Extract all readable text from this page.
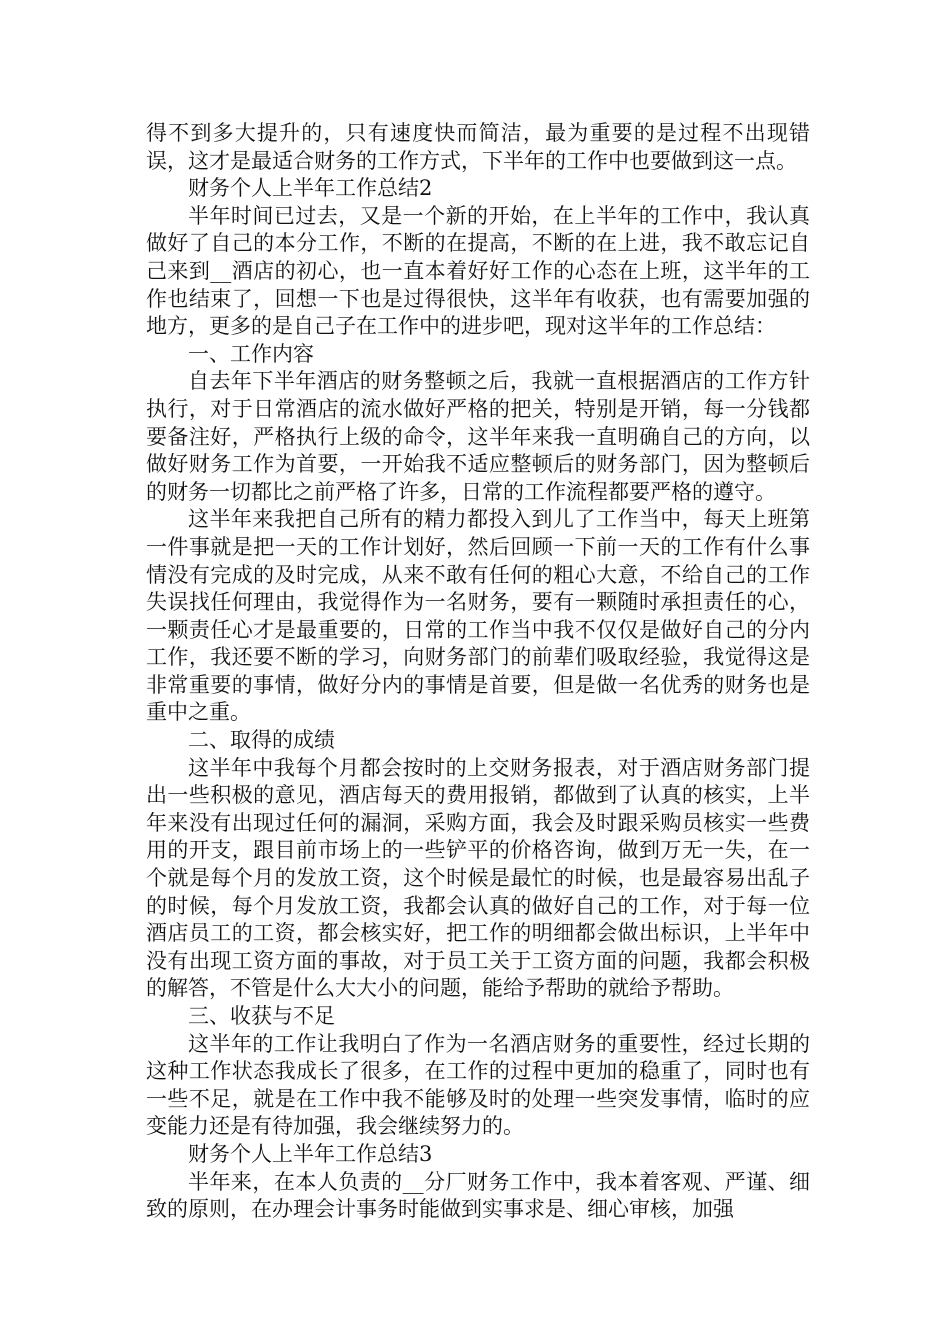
得不到多大提升的，只有速度快而简洁，最为重要的是过程不出现错误，这才是最适合财务的工作方式，下半年的工作中也要做到这一点。

财务个人上半年工作总结2

半年时间已过去，又是一个新的开始，在上半年的工作中，我认真做好了自己的本分工作，不断的在提高，不断的在上进，我不敢忘记自己来到__酒店的初心，也一直本着好好工作的心态在上班，这半年的工作也结束了，回想一下也是过得很快，这半年有收获，也有需要加强的地方，更多的是自己子在工作中的进步吧，现对这半年的工作总结：

一、工作内容

自去年下半年酒店的财务整顿之后，我就一直根据酒店的工作方针执行，对于日常酒店的流水做好严格的把关，特别是开销，每一分钱都要备注好，严格执行上级的命令，这半年来我一直明确自己的方向，以做好财务工作为首要，一开始我不适应整顿后的财务部门，因为整顿后的财务一切都比之前严格了许多，日常的工作流程都要严格的遵守。

这半年来我把自己所有的精力都投入到儿了工作当中，每天上班第一件事就是把一天的工作计划好，然后回顾一下前一天的工作有什么事情没有完成的及时完成，从来不敢有任何的粗心大意，不给自己的工作失误找任何理由，我觉得作为一名财务，要有一颗随时承担责任的心，一颗责任心才是最重要的，日常的工作当中我不仅仅是做好自己的分内工作，我还要不断的学习，向财务部门的前辈们吸取经验，我觉得这是非常重要的事情，做好分内的事情是首要，但是做一名优秀的财务也是重中之重。

二、取得的成绩

这半年中我每个月都会按时的上交财务报表，对于酒店财务部门提出一些积极的意见，酒店每天的费用报销，都做到了认真的核实，上半年来没有出现过任何的漏洞，采购方面，我会及时跟采购员核实一些费用的开支，跟目前市场上的一些铲平的价格咨询，做到万无一失，在一个就是每个月的发放工资，这个时候是最忙的时候，也是最容易出乱子的时候，每个月发放工资，我都会认真的做好自己的工作，对于每一位酒店员工的工资，都会核实好，把工作的明细都会做出标识，上半年中没有出现工资方面的事故，对于员工关于工资方面的问题，我都会积极的解答，不管是什么大大小的问题，能给予帮助的就给予帮助。

三、收获与不足

这半年的工作让我明白了作为一名酒店财务的重要性，经过长期的这种工作状态我成长了很多，在工作的过程中更加的稳重了，同时也有一些不足，就是在工作中我不能够及时的处理一些突发事情，临时的应变能力还是有待加强，我会继续努力的。

财务个人上半年工作总结3

半年来，在本人负责的__分厂财务工作中，我本着客观、严谨、细致的原则，在办理会计事务时能做到实事求是、细心审核，加强
